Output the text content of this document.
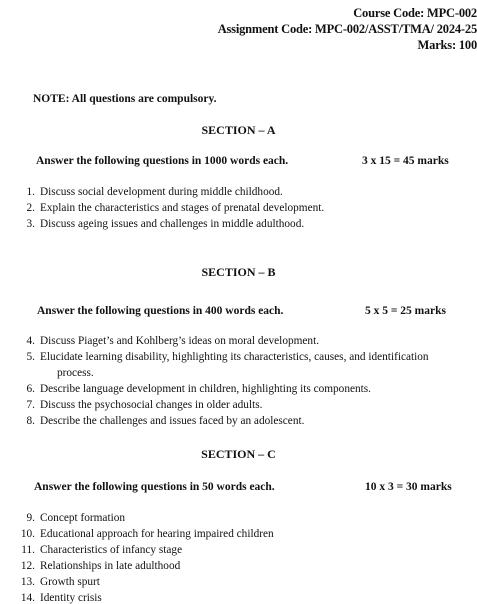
Course Code: MPC-002
Assignment Code: MPC-002/ASST/TMA/ 2024-25
Marks: 100
NOTE: All questions are compulsory.
SECTION – A
Answer the following questions in 1000 words each.	3 x 15 = 45 marks
1. Discuss social development during middle childhood.
2. Explain the characteristics and stages of prenatal development.
3. Discuss ageing issues and challenges in middle adulthood.
SECTION – B
Answer the following questions in 400 words each.	5 x 5 = 25 marks
4. Discuss Piaget’s and Kohlberg’s ideas on moral development.
5. Elucidate learning disability, highlighting its characteristics, causes, and identification
process.
6. Describe language development in children, highlighting its components.
7. Discuss the psychosocial changes in older adults.
8. Describe the challenges and issues faced by an adolescent.
SECTION – C
Answer the following questions in 50 words each.	10 x 3 = 30 marks
9. Concept formation
10. Educational approach for hearing impaired children
11. Characteristics of infancy stage
12. Relationships in late adulthood
13. Growth spurt
14. Identity crisis
